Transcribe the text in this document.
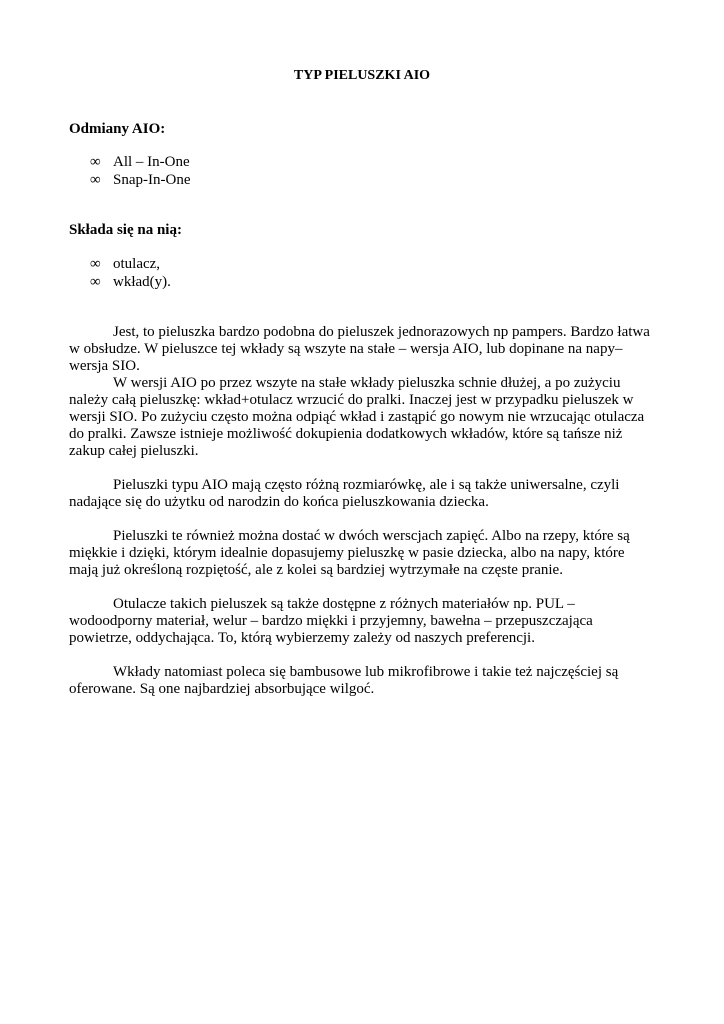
TYP PIELUSZKI AIO
Odmiany AIO:
∞ All – In-One
∞ Snap-In-One
Składa się na nią:
∞ otulacz,
∞ wkład(y).

Jest, to pieluszka bardzo podobna do pieluszek jednorazowych np pampers. Bardzo łatwa w obsłudze. W pieluszce tej wkłady są wszyte na stałe – wersja AIO, lub dopinane na napy– wersja SIO.

W wersji AIO po przez wszyte na stałe wkłady pieluszka schnie dłużej, a po zużyciu należy całą pieluszkę: wkład+otulacz wrzucić do pralki. Inaczej jest w przypadku pieluszek w wersji SIO. Po zużyciu często można odpiąć wkład i zastąpić go nowym nie wrzucając otulacza do pralki. Zawsze istnieje możliwość dokupienia dodatkowych wkładów, które są tańsze niż zakup całej pieluszki.

Pieluszki typu AIO mają często różną rozmiarówkę, ale i są także uniwersalne, czyli nadające się do użytku od narodzin do końca pieluszkowania dziecka.

Pieluszki te również można dostać w dwóch werscjach zapięć. Albo na rzepy, które są miękkie i dzięki, którym idealnie dopasujemy pieluszkę w pasie dziecka, albo na napy, które mają już określoną rozpiętość, ale z kolei są bardziej wytrzymałe na częste pranie.

Otulacze takich pieluszek są także dostępne z różnych materiałów np. PUL – wodoodporny materiał, welur – bardzo miękki i przyjemny, bawełna – przepuszczająca powietrze, oddychająca. To, którą wybierzemy zależy od naszych preferencji.

Wkłady natomiast poleca się bambusowe lub mikrofibrowe i takie też najczęściej są oferowane. Są one najbardziej absorbujące wilgoć.
